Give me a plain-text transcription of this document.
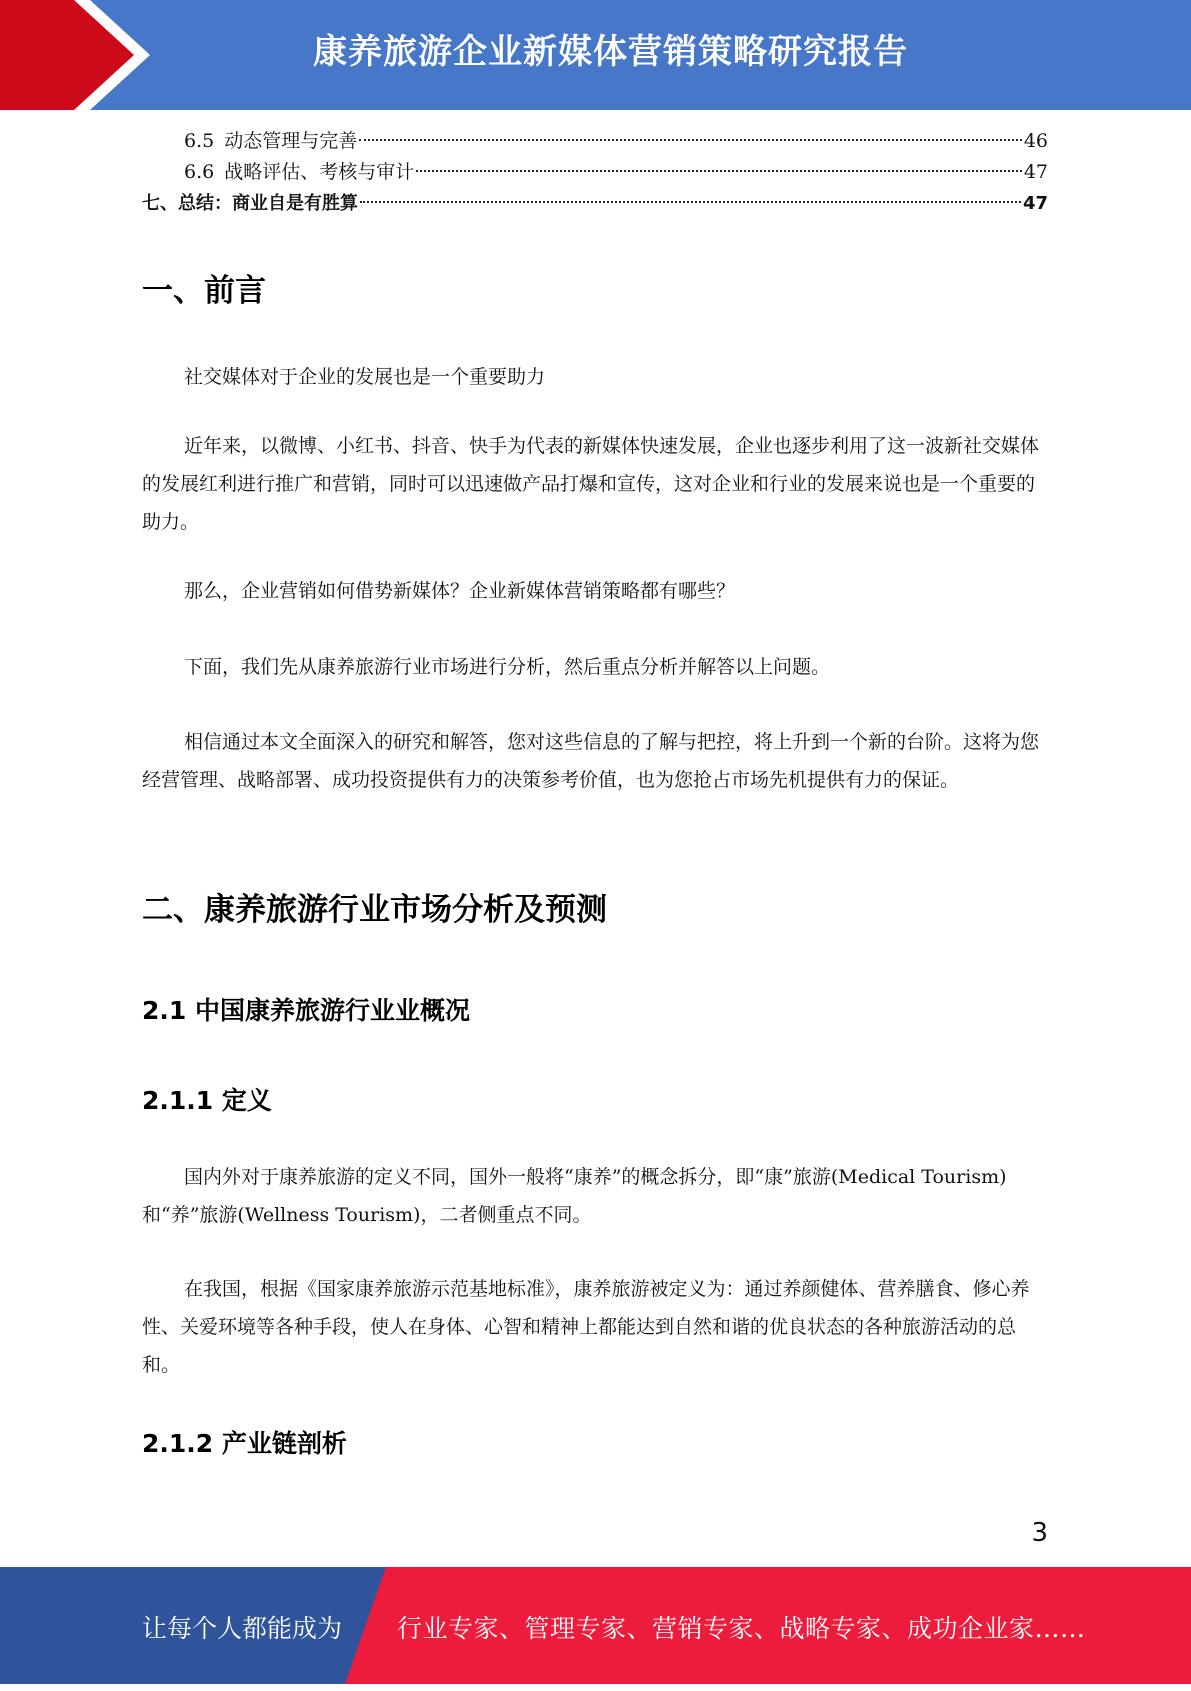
康养旅游企业新媒体营销策略研究报告
6.5 动态管理与完善	46
6.6 战略评估、考核与审计	47
七、总结：商业自是有胜算	47
一、前言

社交媒体对于企业的发展也是一个重要助力

近年来，以微博、小红书、抖音、快手为代表的新媒体快速发展，企业也逐步利用了这一波新社交媒体的发展红利进行推广和营销，同时可以迅速做产品打爆和宣传，这对企业和行业的发展来说也是一个重要的助力。

那么，企业营销如何借势新媒体？企业新媒体营销策略都有哪些？

下面，我们先从康养旅游行业市场进行分析，然后重点分析并解答以上问题。

相信通过本文全面深入的研究和解答，您对这些信息的了解与把控，将上升到一个新的台阶。这将为您经营管理、战略部署、成功投资提供有力的决策参考价值，也为您抢占市场先机提供有力的保证。

二、康养旅游行业市场分析及预测
2.1 中国康养旅游行业业概况
2.1.1 定义

国内外对于康养旅游的定义不同，国外一般将“康养”的概念拆分，即“康”旅游(Medical Tourism)和“养”旅游(Wellness Tourism)，二者侧重点不同。

在我国，根据《国家康养旅游示范基地标准》，康养旅游被定义为：通过养颜健体、营养膳食、修心养性、关爱环境等各种手段，使人在身体、心智和精神上都能达到自然和谐的优良状态的各种旅游活动的总和。

2.1.2 产业链剖析
3
让每个人都能成为 行业专家、管理专家、营销专家、战略专家、成功企业家……
